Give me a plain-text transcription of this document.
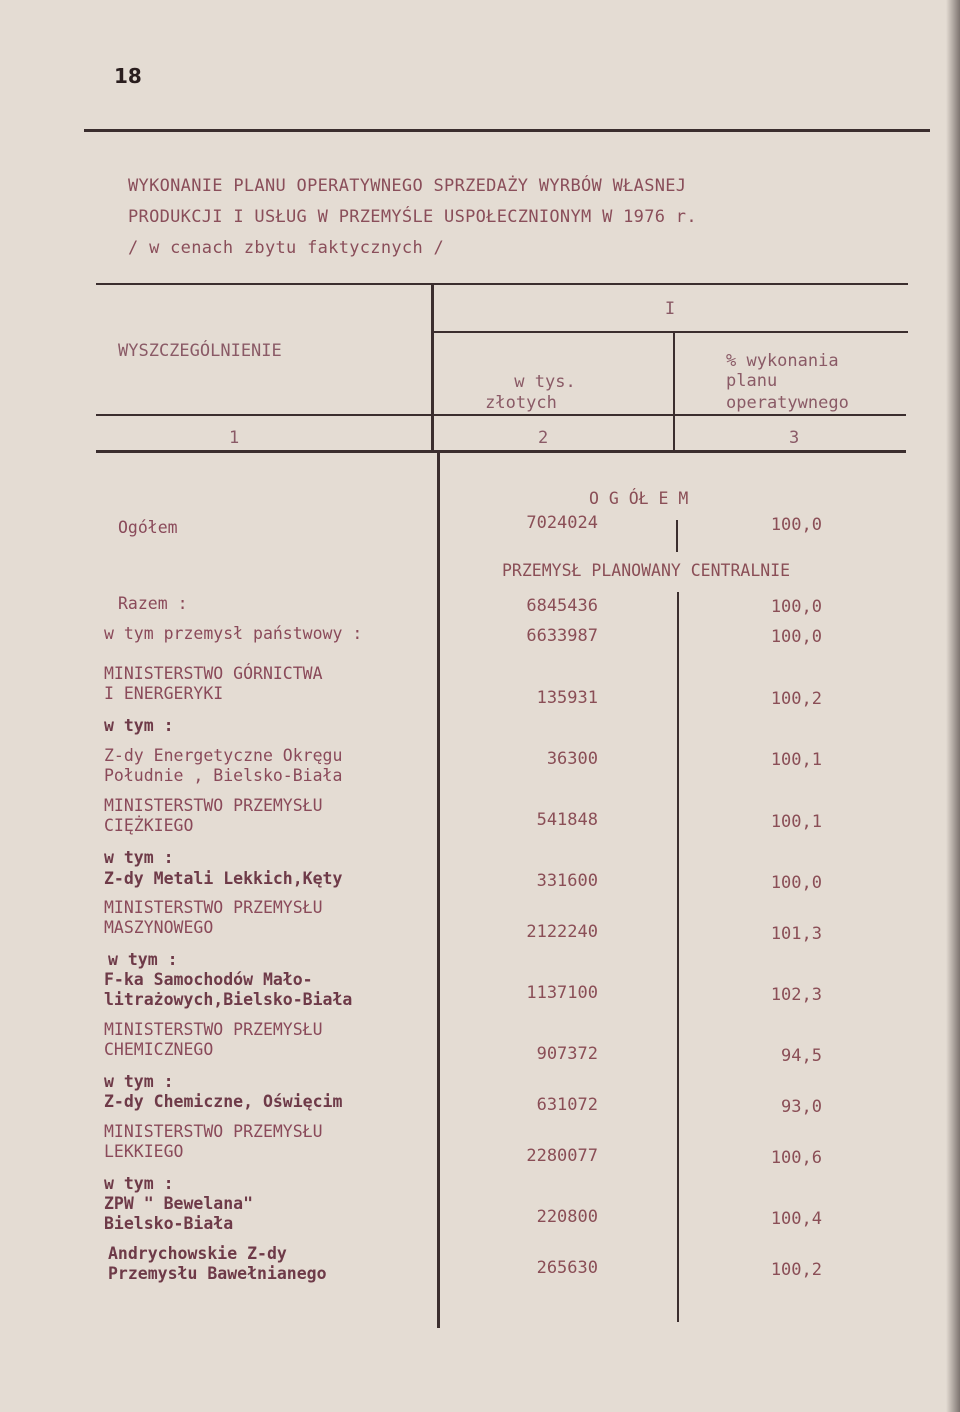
18
WYKONANIE PLANU OPERATYWNEGO SPRZEDAŻY WYRBÓW WŁASNEJ
PRODUKCJI I USŁUG W PRZEMYŚLE USPOŁECZNIONYM W 1976 r.
/ w cenach zbytu faktycznych /
WYSZCZEGÓLNIENIE
I
w tys.
złotych
% wykonania
planu
operatywnego
1	2	3
O G ÓŁ E M
PRZEMYSŁ PLANOWANY CENTRALNIE
Ogółem	7024024	100,0
Razem :	6845436	100,0
w tym przemysł państwowy :	6633987	100,0
MINISTERSTWO GÓRNICTWA
I ENERGERYKI	135931	100,2
w tym :
Z-dy Energetyczne Okręgu
Południe , Bielsko-Biała
36300	100,1
MINISTERSTWO PRZEMYSŁU
CIĘŻKIEGO	541848	100,1
w tym :
Z-dy Metali Lekkich,Kęty	331600	100,0
MINISTERSTWO PRZEMYSŁU
MASZYNOWEGO	2122240	101,3
w tym :
F-ka Samochodów Mało-
litrażowych,Bielsko-Biała	1137100	102,3
MINISTERSTWO PRZEMYSŁU
CHEMICZNEGO	907372	94,5
w tym :
Z-dy Chemiczne, Oświęcim	631072	93,0
MINISTERSTWO PRZEMYSŁU
LEKKIEGO	2280077	100,6
w tym :
ZPW " Bewelana"
Bielsko-Biała	220800	100,4
Andrychowskie Z-dy
Przemysłu Bawełnianego	265630	100,2
